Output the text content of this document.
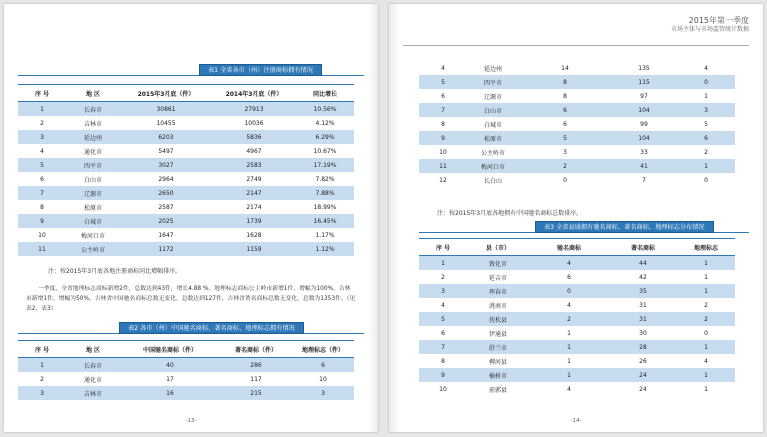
表1 全省各市（州）注册商标拥有情况
序 号	地 区	2015年3月底（件）	2014年3月底（件）	同比增长
1	长春市	30861	27913	10.56%
2	吉林市	10455	10036	4.12%
3	延边州	6203	5836	6.29%
4	通化市	5497	4967	10.67%
5	四平市	3027	2583	17.19%
6	白山市	2964	2749	7.82%
7	辽源市	2650	2147	7.88%
8	松原市	2587	2174	18.99%
9	白城市	2025	1739	16.45%
10	梅河口市	1647	1628	1.17%
11	公主岭市	1172	1159	1.12%
注：按2015年3月底各地注册商标同比增幅排序。
一季度，全省地理标志商标新增2件，总数达到43件，增长4.88 %。地理标志商标公主岭市新增1件，增幅为100%，吉林市新增1件，增幅为50%。吉林省中国驰名商标总数无变化，总数达到127件，吉林省著名商标总数无变化，总数为1353件。（见表2、表3）
表2 各市（州）中国驰名商标、著名商标、地理标志拥有情况
序 号	地 区	中国驰名商标（件）	著名商标（件）	地理标志（件）
1	长春市	40	286	6
2	通化市	17	117	10
3	吉林市	16	215	3
-13-
2015年第一季度
市场主体与市场监管统计数据
4	延边州	14	135	4
5	四平市	8	115	0
6	辽源市	8	97	1
7	白山市	6	104	3
8	白城市	6	99	5
9	松原市	5	104	6
10	公主岭市	3	33	2
11	梅河口市	2	41	1
12	长白山	0	7	0
注：按2015年3月底各地拥有中国驰名商标总数排序。
表3 全省县域拥有驰名商标、著名商标、地理标志分布情况
序 号	县（市）	驰名商标	著名商标	地理标志
1	敦化市	4	44	1
2	延吉市	6	42	1
3	珲春市	0	35	1
4	洮南市	4	31	2
5	抚松县	2	31	2
6	伊通县	1	30	0
7	舒兰市	1	28	1
8	柳河县	1	26	4
9	榆树市	1	24	1
10	前郭县	4	24	1
-14-
